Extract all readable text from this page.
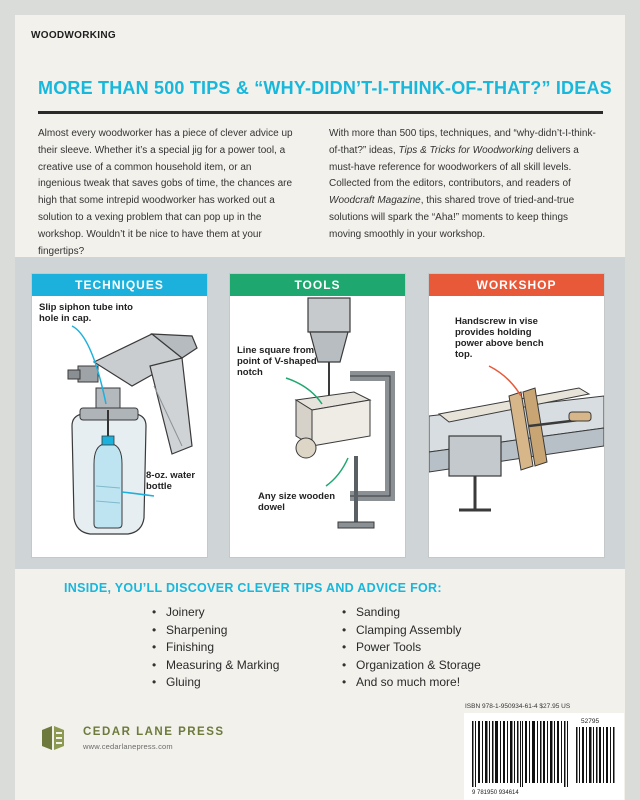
WOODWORKING
MORE THAN 500 TIPS & “WHY-DIDN’T-I-THINK-OF-THAT?” IDEAS
Almost every woodworker has a piece of clever advice up their sleeve. Whether it’s a special jig for a power tool, a creative use of a common household item, or an ingenious tweak that saves gobs of time, the chances are high that some intrepid woodworker has worked out a solution to a vexing problem that can pop up in the workshop. Wouldn’t it be nice to have them at your fingertips?
With more than 500 tips, techniques, and “why-didn’t-I-think-of-that?” ideas, Tips & Tricks for Woodworking delivers a must-have reference for woodworkers of all skill levels. Collected from the editors, contributors, and readers of Woodcraft Magazine, this shared trove of tried-and-true solutions will spark the “Aha!” moments to keep things moving smoothly in your workshop.
TECHNIQUES
Slip siphon tube into hole in cap.
8-oz. water bottle
TOOLS
Line square from point of V-shaped notch
Any size wooden dowel
WORKSHOP
Handscrew in vise provides holding power above bench top.
INSIDE, YOU’LL DISCOVER CLEVER TIPS AND ADVICE FOR:
• Joinery
• Sharpening
• Finishing
• Measuring & Marking
• Gluing
• Sanding
• Clamping Assembly
• Power Tools
• Organization & Storage
• And so much more!
CEDAR LANE PRESS
www.cedarlanepress.com
ISBN 978-1-950934-61-4 $27.95 US
52795
9 781950 934614
